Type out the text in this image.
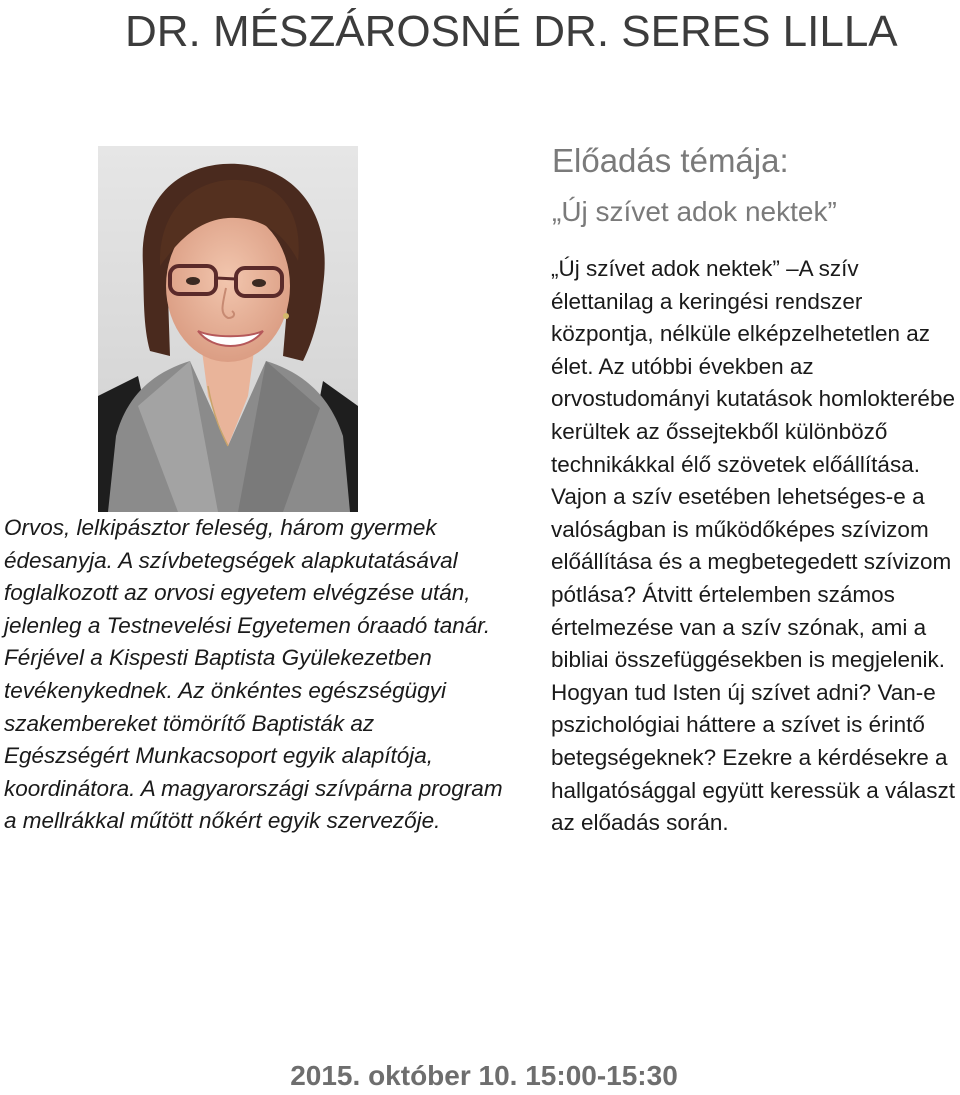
DR. MÉSZÁROSNÉ DR. SERES LILLA

Orvos, lelkipásztor feleség, három gyermek édesanyja. A szívbetegségek alapkutatásával foglalkozott az orvosi egyetem elvégzése után, jelenleg a Testnevelési Egyetemen óraadó tanár. Férjével a Kispesti Baptista Gyülekezetben tevékenykednek. Az önkéntes egészségügyi szakembereket tömörítő Baptisták az Egészségért Munkacsoport egyik alapítója, koordinátora. A magyarországi szívpárna program a mellrákkal műtött nőkért egyik szervezője.

Előadás témája:

„Új szívet adok nektek”

„Új szívet adok nektek” –A szív élettanilag a keringési rendszer központja, nélküle elképzelhetetlen az élet. Az utóbbi években az orvostudományi kutatások homlokterébe kerültek az őssejtekből különböző technikákkal élő szövetek előállítása. Vajon a szív esetében lehetséges-e a valóságban is működőképes szívizom előállítása és a megbetegedett szívizom pótlása? Átvitt értelemben számos értelmezése van a szív szónak, ami a bibliai összefüggésekben is megjelenik. Hogyan tud Isten új szívet adni? Van-e pszichológiai háttere a szívet is érintő betegségeknek? Ezekre a kérdésekre a hallgatósággal együtt keressük a választ az előadás során.

2015. október 10. 15:00-15:30
